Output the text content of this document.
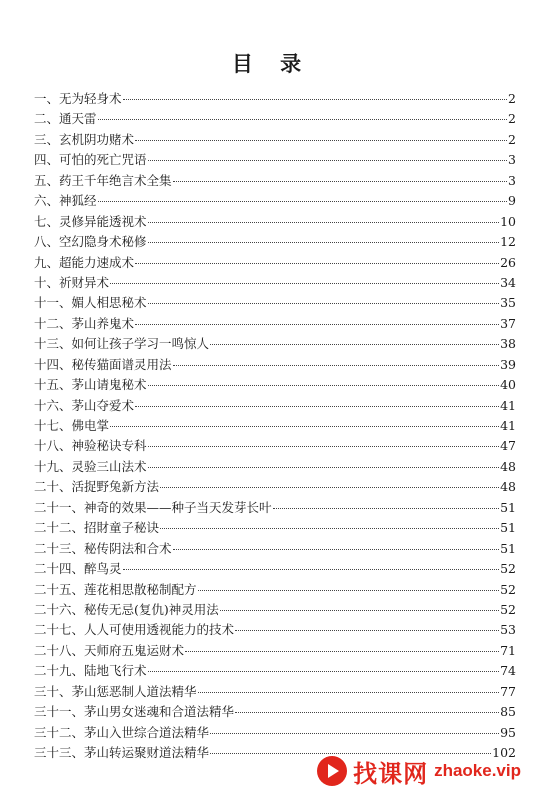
目 录
一、无为轻身术	2
二、通天雷	2
三、玄机阴功赌术	2
四、可怕的死亡咒语	3
五、药王千年绝言术全集	3
六、神狐经	9
七、灵修异能透视术	10
八、空幻隐身术秘修	12
九、超能力速成术	26
十、祈财异术	34
十一、媚人相思秘术	35
十二、茅山养鬼术	37
十三、如何让孩子学习一鸣惊人	38
十四、秘传猫面谱灵用法	39
十五、茅山请鬼秘术	40
十六、茅山夺爱术	41
十七、佛电掌	41
十八、神验秘诀专科	47
十九、灵验三山法术	48
二十、活捉野兔新方法	48
二十一、神奇的效果——种子当天发芽长叶	51
二十二、招財童子秘诀	51
二十三、秘传阴法和合术	51
二十四、醉鸟灵	52
二十五、莲花相思散秘制配方	52
二十六、秘传无忌(复仇)神灵用法	52
二十七、人人可使用透视能力的技术	53
二十八、天师府五鬼运财术	71
二十九、陆地飞行术	74
三十、茅山惩恶制人道法精华	77
三十一、茅山男女迷魂和合道法精华	85
三十二、茅山入世综合道法精华	95
三十三、茅山转运聚财道法精华	102
找课网 zhaoke.vip
